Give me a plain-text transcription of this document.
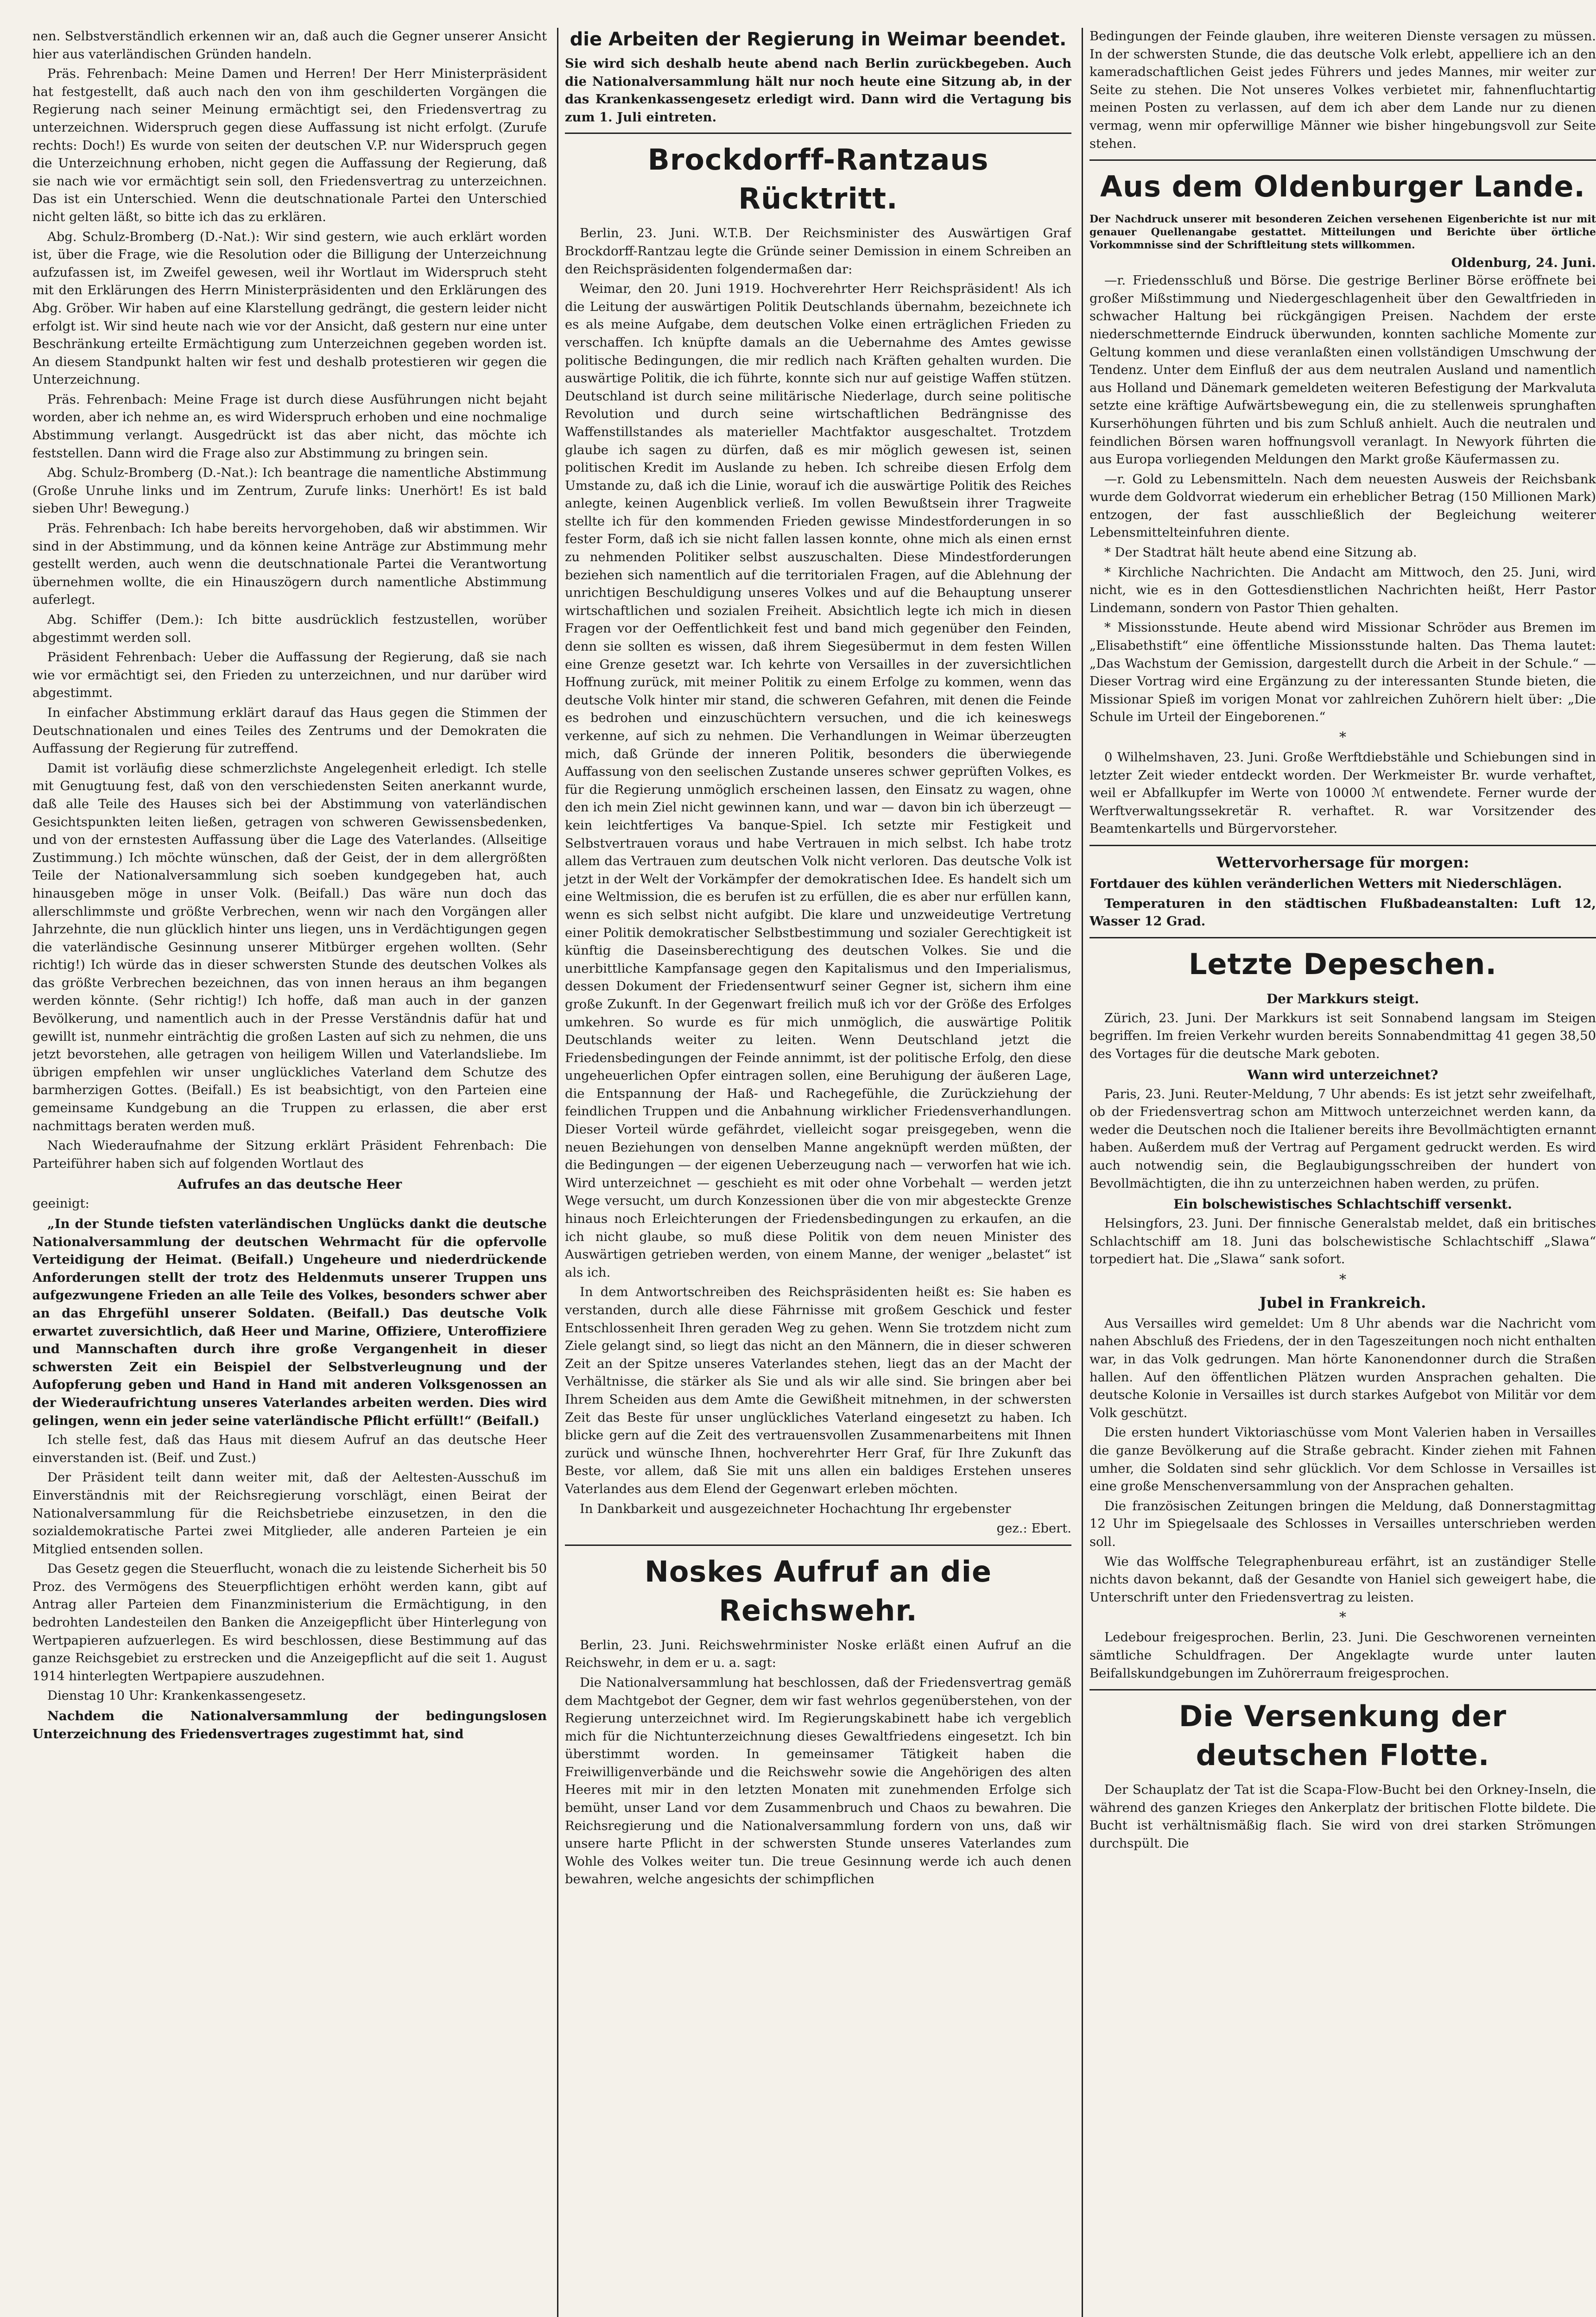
nen. Selbstverständlich erkennen wir an, daß auch die Gegner unserer Ansicht hier aus vaterländischen Gründen handeln.

Präs. Fehrenbach: Meine Damen und Herren! Der Herr Ministerpräsident hat festgestellt, daß auch nach den von ihm geschilderten Vorgängen die Regierung nach seiner Meinung ermächtigt sei, den Friedensvertrag zu unterzeichnen. Widerspruch gegen diese Auffassung ist nicht erfolgt. (Zurufe rechts: Doch!) Es wurde von seiten der deutschen V.P. nur Widerspruch gegen die Unterzeichnung erhoben, nicht gegen die Auffassung der Regierung, daß sie nach wie vor ermächtigt sein soll, den Friedensvertrag zu unterzeichnen. Das ist ein Unterschied. Wenn die deutschnationale Partei den Unterschied nicht gelten läßt, so bitte ich das zu erklären.

Abg. Schulz-Bromberg (D.-Nat.): Wir sind gestern, wie auch erklärt worden ist, über die Frage, wie die Resolution oder die Billigung der Unterzeichnung aufzufassen ist, im Zweifel gewesen, weil ihr Wortlaut im Widerspruch steht mit den Erklärungen des Herrn Ministerpräsidenten und den Erklärungen des Abg. Gröber. Wir haben auf eine Klarstellung gedrängt, die gestern leider nicht erfolgt ist. Wir sind heute nach wie vor der Ansicht, daß gestern nur eine unter Beschränkung erteilte Ermächtigung zum Unterzeichnen gegeben worden ist. An diesem Standpunkt halten wir fest und deshalb protestieren wir gegen die Unterzeichnung.

Präs. Fehrenbach: Meine Frage ist durch diese Ausführungen nicht bejaht worden, aber ich nehme an, es wird Widerspruch erhoben und eine nochmalige Abstimmung verlangt. Ausgedrückt ist das aber nicht, das möchte ich feststellen. Dann wird die Frage also zur Abstimmung zu bringen sein.

Abg. Schulz-Bromberg (D.-Nat.): Ich beantrage die namentliche Abstimmung (Große Unruhe links und im Zentrum, Zurufe links: Unerhört! Es ist bald sieben Uhr! Bewegung.)

Präs. Fehrenbach: Ich habe bereits hervorgehoben, daß wir abstimmen. Wir sind in der Abstimmung, und da können keine Anträge zur Abstimmung mehr gestellt werden, auch wenn die deutschnationale Partei die Verantwortung übernehmen wollte, die ein Hinauszögern durch namentliche Abstimmung auferlegt.

Abg. Schiffer (Dem.): Ich bitte ausdrücklich festzustellen, worüber abgestimmt werden soll.

Präsident Fehrenbach: Ueber die Auffassung der Regierung, daß sie nach wie vor ermächtigt sei, den Frieden zu unterzeichnen, und nur darüber wird abgestimmt.

In einfacher Abstimmung erklärt darauf das Haus gegen die Stimmen der Deutschnationalen und eines Teiles des Zentrums und der Demokraten die Auffassung der Regierung für zutreffend.

Damit ist vorläufig diese schmerzlichste Angelegenheit erledigt. Ich stelle mit Genugtuung fest, daß von den verschiedensten Seiten anerkannt wurde, daß alle Teile des Hauses sich bei der Abstimmung von vaterländischen Gesichtspunkten leiten ließen, getragen von schweren Gewissensbedenken, und von der ernstesten Auffassung über die Lage des Vaterlandes. (Allseitige Zustimmung.) Ich möchte wünschen, daß der Geist, der in dem allergrößten Teile der Nationalversammlung sich soeben kundgegeben hat, auch hinausgeben möge in unser Volk. (Beifall.) Das wäre nun doch das allerschlimmste und größte Verbrechen, wenn wir nach den Vorgängen aller Jahrzehnte, die nun glücklich hinter uns liegen, uns in Verdächtigungen gegen die vaterländische Gesinnung unserer Mitbürger ergehen wollten. (Sehr richtig!) Ich würde das in dieser schwersten Stunde des deutschen Volkes als das größte Verbrechen bezeichnen, das von innen heraus an ihm begangen werden könnte. (Sehr richtig!) Ich hoffe, daß man auch in der ganzen Bevölkerung, und namentlich auch in der Presse Verständnis dafür hat und gewillt ist, nunmehr einträchtig die großen Lasten auf sich zu nehmen, die uns jetzt bevorstehen, alle getragen von heiligem Willen und Vaterlandsliebe. Im übrigen empfehlen wir unser unglückliches Vaterland dem Schutze des barmherzigen Gottes. (Beifall.) Es ist beabsichtigt, von den Parteien eine gemeinsame Kundgebung an die Truppen zu erlassen, die aber erst nachmittags beraten werden muß.

Nach Wiederaufnahme der Sitzung erklärt Präsident Fehrenbach: Die Parteiführer haben sich auf folgenden Wortlaut des

Aufrufes an das deutsche Heer

geeinigt:

„In der Stunde tiefsten vaterländischen Unglücks dankt die deutsche Nationalversammlung der deutschen Wehrmacht für die opfervolle Verteidigung der Heimat. (Beifall.) Ungeheure und niederdrückende Anforderungen stellt der trotz des Heldenmuts unserer Truppen uns aufgezwungene Frieden an alle Teile des Volkes, besonders schwer aber an das Ehrgefühl unserer Soldaten. (Beifall.) Das deutsche Volk erwartet zuversichtlich, daß Heer und Marine, Offiziere, Unteroffiziere und Mannschaften durch ihre große Vergangenheit in dieser schwersten Zeit ein Beispiel der Selbstverleugnung und der Aufopferung geben und Hand in Hand mit anderen Volksgenossen an der Wiederaufrichtung unseres Vaterlandes arbeiten werden. Dies wird gelingen, wenn ein jeder seine vaterländische Pflicht erfüllt!“ (Beifall.)

Ich stelle fest, daß das Haus mit diesem Aufruf an das deutsche Heer einverstanden ist. (Beif. und Zust.)

Der Präsident teilt dann weiter mit, daß der Aeltesten-Ausschuß im Einverständnis mit der Reichsregierung vorschlägt, einen Beirat der Nationalversammlung für die Reichsbetriebe einzusetzen, in den die sozialdemokratische Partei zwei Mitglieder, alle anderen Parteien je ein Mitglied entsenden sollen.

Das Gesetz gegen die Steuerflucht, wonach die zu leistende Sicherheit bis 50 Proz. des Vermögens des Steuerpflichtigen erhöht werden kann, gibt auf Antrag aller Parteien dem Finanzministerium die Ermächtigung, in den bedrohten Landesteilen den Banken die Anzeigepflicht über Hinterlegung von Wertpapieren aufzuerlegen. Es wird beschlossen, diese Bestimmung auf das ganze Reichsgebiet zu erstrecken und die Anzeigepflicht auf die seit 1. August 1914 hinterlegten Wertpapiere auszudehnen.

Dienstag 10 Uhr: Krankenkassengesetz.

Nachdem die Nationalversammlung der bedingungslosen Unterzeichnung des Friedensvertrages zugestimmt hat, sind

die Arbeiten der Regierung in Weimar beendet.

Sie wird sich deshalb heute abend nach Berlin zurückbegeben. Auch die Nationalversammlung hält nur noch heute eine Sitzung ab, in der das Krankenkassengesetz erledigt wird. Dann wird die Vertagung bis zum 1. Juli eintreten.

Brockdorff-Rantzaus Rücktritt.

Berlin, 23. Juni. W.T.B. Der Reichsminister des Auswärtigen Graf Brockdorff-Rantzau legte die Gründe seiner Demission in einem Schreiben an den Reichspräsidenten folgendermaßen dar:

Weimar, den 20. Juni 1919. Hochverehrter Herr Reichspräsident! Als ich die Leitung der auswärtigen Politik Deutschlands übernahm, bezeichnete ich es als meine Aufgabe, dem deutschen Volke einen erträglichen Frieden zu verschaffen. Ich knüpfte damals an die Uebernahme des Amtes gewisse politische Bedingungen, die mir redlich nach Kräften gehalten wurden. Die auswärtige Politik, die ich führte, konnte sich nur auf geistige Waffen stützen. Deutschland ist durch seine militärische Niederlage, durch seine politische Revolution und durch seine wirtschaftlichen Bedrängnisse des Waffenstillstandes als materieller Machtfaktor ausgeschaltet. Trotzdem glaube ich sagen zu dürfen, daß es mir möglich gewesen ist, seinen politischen Kredit im Auslande zu heben. Ich schreibe diesen Erfolg dem Umstande zu, daß ich die Linie, worauf ich die auswärtige Politik des Reiches anlegte, keinen Augenblick verließ. Im vollen Bewußtsein ihrer Tragweite stellte ich für den kommenden Frieden gewisse Mindestforderungen in so fester Form, daß ich sie nicht fallen lassen konnte, ohne mich als einen ernst zu nehmenden Politiker selbst auszuschalten. Diese Mindestforderungen beziehen sich namentlich auf die territorialen Fragen, auf die Ablehnung der unrichtigen Beschuldigung unseres Volkes und auf die Behauptung unserer wirtschaftlichen und sozialen Freiheit. Absichtlich legte ich mich in diesen Fragen vor der Oeffentlichkeit fest und band mich gegenüber den Feinden, denn sie sollten es wissen, daß ihrem Siegesübermut in dem festen Willen eine Grenze gesetzt war. Ich kehrte von Versailles in der zuversichtlichen Hoffnung zurück, mit meiner Politik zu einem Erfolge zu kommen, wenn das deutsche Volk hinter mir stand, die schweren Gefahren, mit denen die Feinde es bedrohen und einzuschüchtern versuchen, und die ich keineswegs verkenne, auf sich zu nehmen. Die Verhandlungen in Weimar überzeugten mich, daß Gründe der inneren Politik, besonders die überwiegende Auffassung von den seelischen Zustande unseres schwer geprüften Volkes, es für die Regierung unmöglich erscheinen lassen, den Einsatz zu wagen, ohne den ich mein Ziel nicht gewinnen kann, und war — davon bin ich überzeugt — kein leichtfertiges Va banque-Spiel. Ich setzte mir Festigkeit und Selbstvertrauen voraus und habe Vertrauen in mich selbst. Ich habe trotz allem das Vertrauen zum deutschen Volk nicht verloren. Das deutsche Volk ist jetzt in der Welt der Vorkämpfer der demokratischen Idee. Es handelt sich um eine Weltmission, die es berufen ist zu erfüllen, die es aber nur erfüllen kann, wenn es sich selbst nicht aufgibt. Die klare und unzweideutige Vertretung einer Politik demokratischer Selbstbestimmung und sozialer Gerechtigkeit ist künftig die Daseinsberechtigung des deutschen Volkes. Sie und die unerbittliche Kampfansage gegen den Kapitalismus und den Imperialismus, dessen Dokument der Friedensentwurf seiner Gegner ist, sichern ihm eine große Zukunft. In der Gegenwart freilich muß ich vor der Größe des Erfolges umkehren. So wurde es für mich unmöglich, die auswärtige Politik Deutschlands weiter zu leiten. Wenn Deutschland jetzt die Friedensbedingungen der Feinde annimmt, ist der politische Erfolg, den diese ungeheuerlichen Opfer eintragen sollen, eine Beruhigung der äußeren Lage, die Entspannung der Haß- und Rachegefühle, die Zurückziehung der feindlichen Truppen und die Anbahnung wirklicher Friedensverhandlungen. Dieser Vorteil würde gefährdet, vielleicht sogar preisgegeben, wenn die neuen Beziehungen von denselben Manne angeknüpft werden müßten, der die Bedingungen — der eigenen Ueberzeugung nach — verworfen hat wie ich. Wird unterzeichnet — geschieht es mit oder ohne Vorbehalt — werden jetzt Wege versucht, um durch Konzessionen über die von mir abgesteckte Grenze hinaus noch Erleichterungen der Friedensbedingungen zu erkaufen, an die ich nicht glaube, so muß diese Politik von dem neuen Minister des Auswärtigen getrieben werden, von einem Manne, der weniger „belastet“ ist als ich.

In dem Antwortschreiben des Reichspräsidenten heißt es: Sie haben es verstanden, durch alle diese Fährnisse mit großem Geschick und fester Entschlossenheit Ihren geraden Weg zu gehen. Wenn Sie trotzdem nicht zum Ziele gelangt sind, so liegt das nicht an den Männern, die in dieser schweren Zeit an der Spitze unseres Vaterlandes stehen, liegt das an der Macht der Verhältnisse, die stärker als Sie und als wir alle sind. Sie bringen aber bei Ihrem Scheiden aus dem Amte die Gewißheit mitnehmen, in der schwersten Zeit das Beste für unser unglückliches Vaterland eingesetzt zu haben. Ich blicke gern auf die Zeit des vertrauensvollen Zusammenarbeitens mit Ihnen zurück und wünsche Ihnen, hochverehrter Herr Graf, für Ihre Zukunft das Beste, vor allem, daß Sie mit uns allen ein baldiges Erstehen unseres Vaterlandes aus dem Elend der Gegenwart erleben möchten.

In Dankbarkeit und ausgezeichneter Hochachtung Ihr ergebenster

gez.: Ebert.

Noskes Aufruf an die Reichswehr.

Berlin, 23. Juni. Reichswehrminister Noske erläßt einen Aufruf an die Reichswehr, in dem er u. a. sagt:

Die Nationalversammlung hat beschlossen, daß der Friedensvertrag gemäß dem Machtgebot der Gegner, dem wir fast wehrlos gegenüberstehen, von der Regierung unterzeichnet wird. Im Regierungskabinett habe ich vergeblich mich für die Nichtunterzeichnung dieses Gewaltfriedens eingesetzt. Ich bin überstimmt worden. In gemeinsamer Tätigkeit haben die Freiwilligenverbände und die Reichswehr sowie die Angehörigen des alten Heeres mit mir in den letzten Monaten mit zunehmenden Erfolge sich bemüht, unser Land vor dem Zusammenbruch und Chaos zu bewahren. Die Reichsregierung und die Nationalversammlung fordern von uns, daß wir unsere harte Pflicht in der schwersten Stunde unseres Vaterlandes zum Wohle des Volkes weiter tun. Die treue Gesinnung werde ich auch denen bewahren, welche angesichts der schimpflichen

Bedingungen der Feinde glauben, ihre weiteren Dienste versagen zu müssen. In der schwersten Stunde, die das deutsche Volk erlebt, appelliere ich an den kameradschaftlichen Geist jedes Führers und jedes Mannes, mir weiter zur Seite zu stehen. Die Not unseres Volkes verbietet mir, fahnenfluchtartig meinen Posten zu verlassen, auf dem ich aber dem Lande nur zu dienen vermag, wenn mir opferwillige Männer wie bisher hingebungsvoll zur Seite stehen.

Aus dem Oldenburger Lande.
Der Nachdruck unserer mit besonderen Zeichen versehenen Eigenberichte ist nur mit genauer Quellenangabe gestattet. Mitteilungen und Berichte über örtliche Vorkommnisse sind der Schriftleitung stets willkommen.
Oldenburg, 24. Juni.

—r. Friedensschluß und Börse. Die gestrige Berliner Börse eröffnete bei großer Mißstimmung und Niedergeschlagenheit über den Gewaltfrieden in schwacher Haltung bei rückgängigen Preisen. Nachdem der erste niederschmetternde Eindruck überwunden, konnten sachliche Momente zur Geltung kommen und diese veranlaßten einen vollständigen Umschwung der Tendenz. Unter dem Einfluß der aus dem neutralen Ausland und namentlich aus Holland und Dänemark gemeldeten weiteren Befestigung der Markvaluta setzte eine kräftige Aufwärtsbewegung ein, die zu stellenweis sprunghaften Kurserhöhungen führten und bis zum Schluß anhielt. Auch die neutralen und feindlichen Börsen waren hoffnungsvoll veranlagt. In Newyork führten die aus Europa vorliegenden Meldungen den Markt große Käufermassen zu.

—r. Gold zu Lebensmitteln. Nach dem neuesten Ausweis der Reichsbank wurde dem Goldvorrat wiederum ein erheblicher Betrag (150 Millionen Mark) entzogen, der fast ausschließlich der Begleichung weiterer Lebensmittelteinfuhren diente.

* Der Stadtrat hält heute abend eine Sitzung ab.

* Kirchliche Nachrichten. Die Andacht am Mittwoch, den 25. Juni, wird nicht, wie es in den Gottesdienstlichen Nachrichten heißt, Herr Pastor Lindemann, sondern von Pastor Thien gehalten.

* Missionsstunde. Heute abend wird Missionar Schröder aus Bremen im „Elisabethstift“ eine öffentliche Missionsstunde halten. Das Thema lautet: „Das Wachstum der Gemission, dargestellt durch die Arbeit in der Schule.“ — Dieser Vortrag wird eine Ergänzung zu der interessanten Stunde bieten, die Missionar Spieß im vorigen Monat vor zahlreichen Zuhörern hielt über: „Die Schule im Urteil der Eingeborenen.“

*

0 Wilhelmshaven, 23. Juni. Große Werftdiebstähle und Schiebungen sind in letzter Zeit wieder entdeckt worden. Der Werkmeister Br. wurde verhaftet, weil er Abfallkupfer im Werte von 10000 ℳ entwendete. Ferner wurde der Werftverwaltungssekretär R. verhaftet. R. war Vorsitzender des Beamtenkartells und Bürgervorsteher.

Wettervorhersage für morgen:

Fortdauer des kühlen veränderlichen Wetters mit Niederschlägen.

Temperaturen in den städtischen Flußbadeanstalten: Luft 12, Wasser 12 Grad.

Letzte Depeschen.
Der Markkurs steigt.

Zürich, 23. Juni. Der Markkurs ist seit Sonnabend langsam im Steigen begriffen. Im freien Verkehr wurden bereits Sonnabendmittag 41 gegen 38,50 des Vortages für die deutsche Mark geboten.

Wann wird unterzeichnet?

Paris, 23. Juni. Reuter-Meldung, 7 Uhr abends: Es ist jetzt sehr zweifelhaft, ob der Friedensvertrag schon am Mittwoch unterzeichnet werden kann, da weder die Deutschen noch die Italiener bereits ihre Bevollmächtigten ernannt haben. Außerdem muß der Vertrag auf Pergament gedruckt werden. Es wird auch notwendig sein, die Beglaubigungsschreiben der hundert von Bevollmächtigten, die ihn zu unterzeichnen haben werden, zu prüfen.

Ein bolschewistisches Schlachtschiff versenkt.

Helsingfors, 23. Juni. Der finnische Generalstab meldet, daß ein britisches Schlachtschiff am 18. Juni das bolschewistische Schlachtschiff „Slawa“ torpediert hat. Die „Slawa“ sank sofort.

*
Jubel in Frankreich.

Aus Versailles wird gemeldet: Um 8 Uhr abends war die Nachricht vom nahen Abschluß des Friedens, der in den Tageszeitungen noch nicht enthalten war, in das Volk gedrungen. Man hörte Kanonendonner durch die Straßen hallen. Auf den öffentlichen Plätzen wurden Ansprachen gehalten. Die deutsche Kolonie in Versailles ist durch starkes Aufgebot von Militär vor dem Volk geschützt.

Die ersten hundert Viktoriaschüsse vom Mont Valerien haben in Versailles die ganze Bevölkerung auf die Straße gebracht. Kinder ziehen mit Fahnen umher, die Soldaten sind sehr glücklich. Vor dem Schlosse in Versailles ist eine große Menschenversammlung von der Ansprachen gehalten.

Die französischen Zeitungen bringen die Meldung, daß Donnerstagmittag 12 Uhr im Spiegelsaale des Schlosses in Versailles unterschrieben werden soll.

Wie das Wolffsche Telegraphenbureau erfährt, ist an zuständiger Stelle nichts davon bekannt, daß der Gesandte von Haniel sich geweigert habe, die Unterschrift unter den Friedensvertrag zu leisten.

*

Ledebour freigesprochen. Berlin, 23. Juni. Die Geschworenen verneinten sämtliche Schuldfragen. Der Angeklagte wurde unter lauten Beifallskundgebungen im Zuhörerraum freigesprochen.

Die Versenkung der deutschen Flotte.

Der Schauplatz der Tat ist die Scapa-Flow-Bucht bei den Orkney-Inseln, die während des ganzen Krieges den Ankerplatz der britischen Flotte bildete. Die Bucht ist verhältnismäßig flach. Sie wird von drei starken Strömungen durchspült. Die
